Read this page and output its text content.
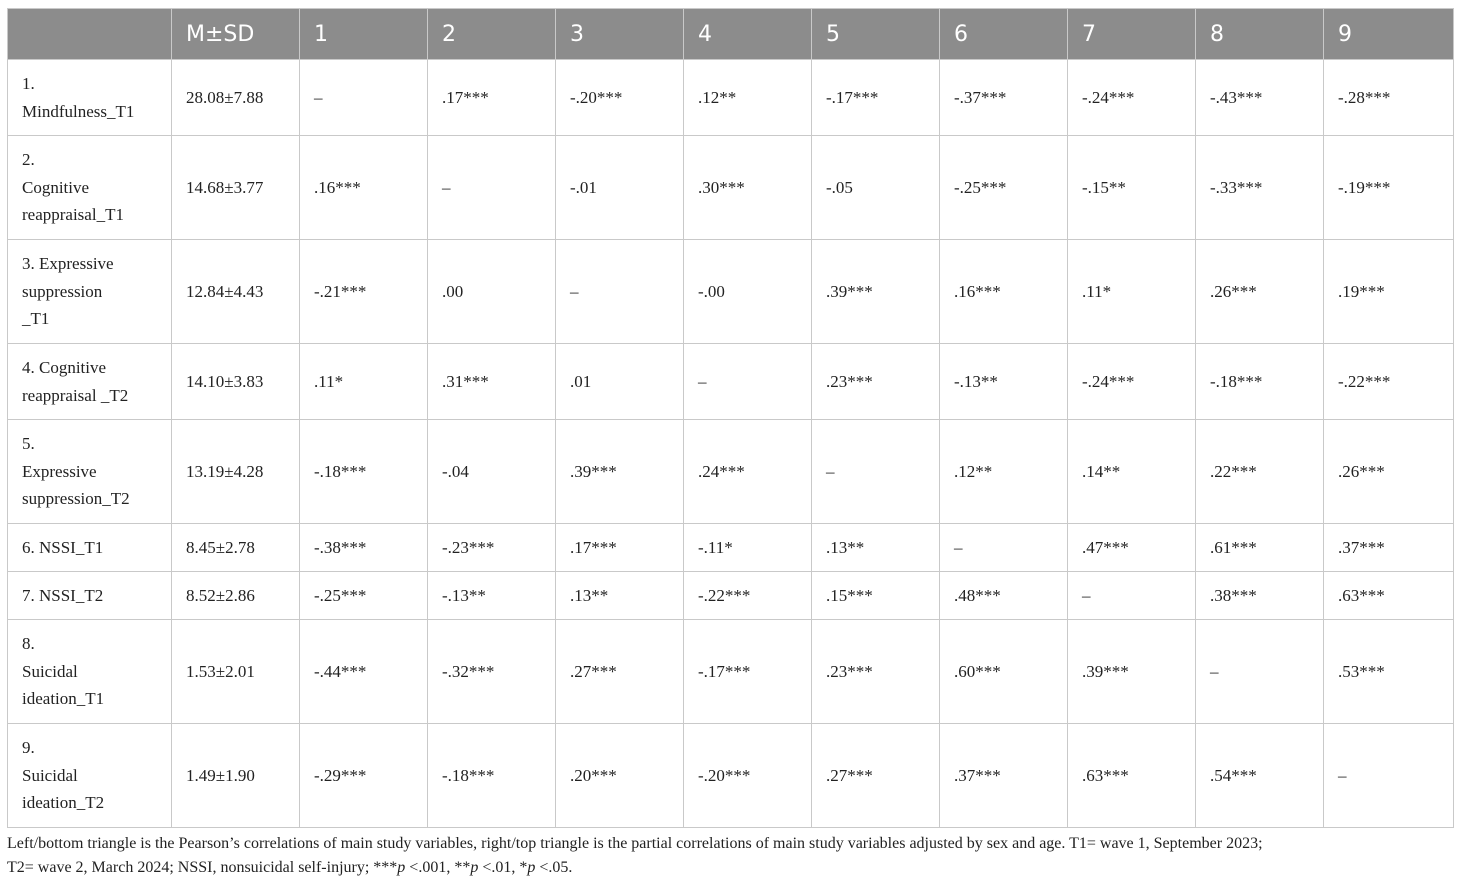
	M±SD	1	2	3	4	5	6	7	8	9

1.
Mindfulness_T1	28.08±7.88	–	.17***	-.20***	.12**	-.17***	-.37***	-.24***	-.43***	-.28***

2.
Cognitive
reappraisal_T1	14.68±3.77	.16***	–	-.01	.30***	-.05	-.25***	-.15**	-.33***	-.19***

3. Expressive
suppression
_T1	12.84±4.43	-.21***	.00	–	-.00	.39***	.16***	.11*	.26***	.19***

4. Cognitive
reappraisal _T2	14.10±3.83	.11*	.31***	.01	–	.23***	-.13**	-.24***	-.18***	-.22***

5.
Expressive
suppression_T2	13.19±4.28	-.18***	-.04	.39***	.24***	–	.12**	.14**	.22***	.26***

6. NSSI_T1	8.45±2.78	-.38***	-.23***	.17***	-.11*	.13**	–	.47***	.61***	.37***

7. NSSI_T2	8.52±2.86	-.25***	-.13**	.13**	-.22***	.15***	.48***	–	.38***	.63***

8.
Suicidal
ideation_T1	1.53±2.01	-.44***	-.32***	.27***	-.17***	.23***	.60***	.39***	–	.53***

9.
Suicidal
ideation_T2	1.49±1.90	-.29***	-.18***	.20***	-.20***	.27***	.37***	.63***	.54***	–
Left/bottom triangle is the Pearson’s correlations of main study variables, right/top triangle is the partial correlations of main study variables adjusted by sex and age. T1= wave 1, September 2023;
T2= wave 2, March 2024; NSSI, nonsuicidal self-injury; ***p <.001, **p <.01, *p <.05.
